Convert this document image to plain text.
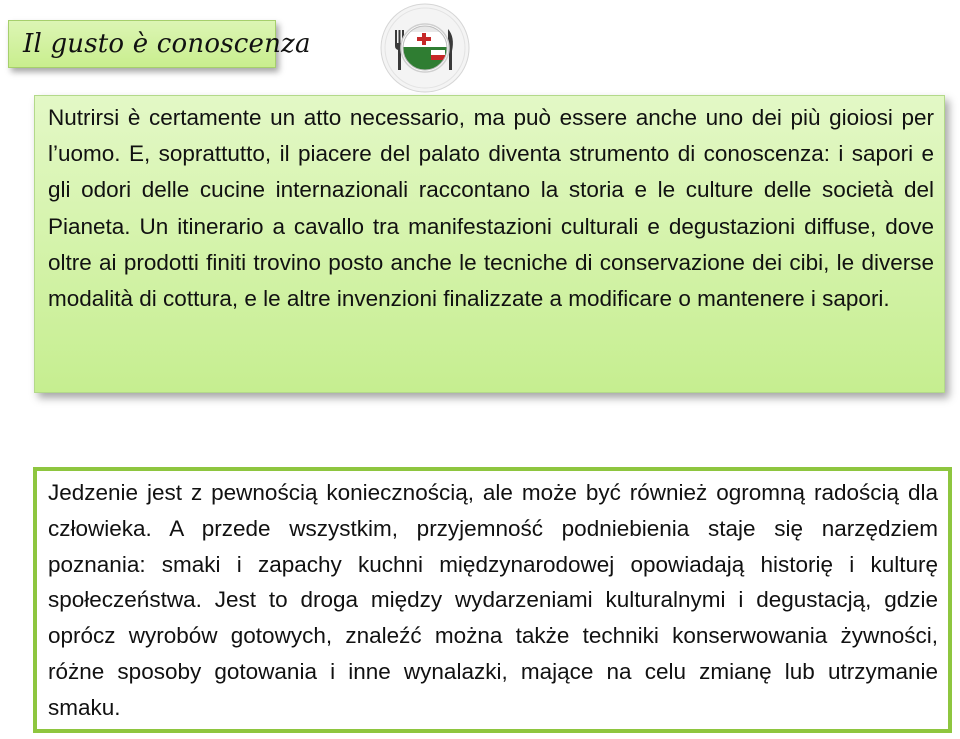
Il gusto è conoscenza

Nutrirsi è certamente un atto necessario, ma può essere anche uno dei più gioiosi per l’uomo. E, soprattutto, il piacere del palato diventa strumento di conoscenza: i sapori e gli odori delle cucine internazionali raccontano la storia e le culture delle società del Pianeta. Un itinerario a cavallo tra manifestazioni culturali e degustazioni diffuse, dove oltre ai prodotti finiti trovino posto anche le tecniche di conservazione dei cibi, le diverse modalità di cottura, e le altre invenzioni finalizzate a modificare o mantenere i sapori.

Jedzenie jest z pewnością koniecznością, ale może być również ogromną radością dla człowieka. A przede wszystkim, przyjemność podniebienia staje się narzędziem poznania: smaki i zapachy kuchni międzynarodowej opowiadają historię i kulturę społeczeństwa. Jest to droga między wydarzeniami kulturalnymi i degustacją, gdzie oprócz wyrobów gotowych, znaleźć można także techniki konserwowania żywności, różne sposoby gotowania i inne wynalazki, mające na celu zmianę lub utrzymanie smaku.
